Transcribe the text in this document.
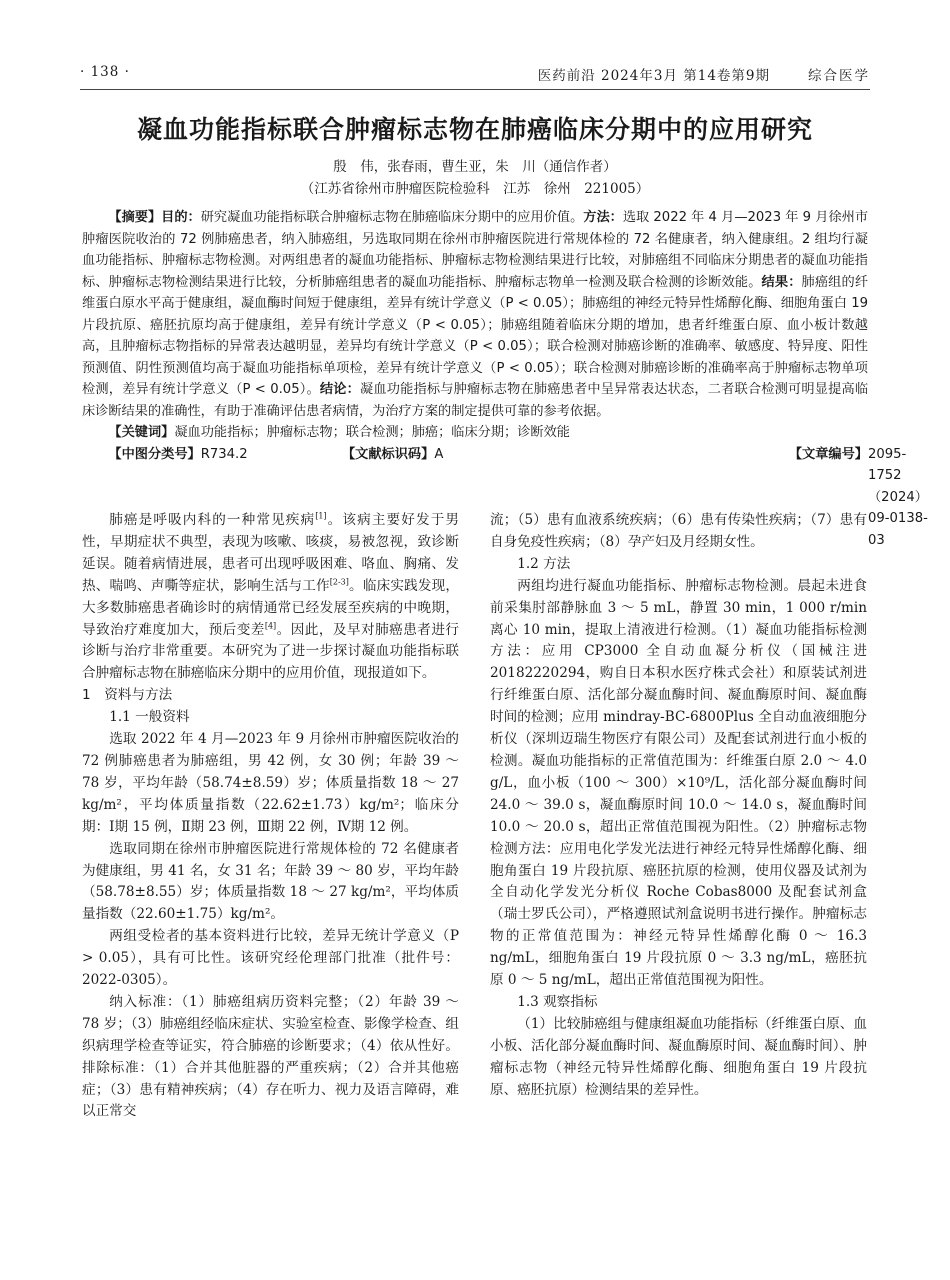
· 138 ·	医药前沿 2024年3月 第14卷第9期	综合医学
凝血功能指标联合肿瘤标志物在肺癌临床分期中的应用研究
殷　伟，张春雨，曹生亚，朱　川（通信作者）
（江苏省徐州市肿瘤医院检验科　江苏　徐州　221005）

【摘要】目的：研究凝血功能指标联合肿瘤标志物在肺癌临床分期中的应用价值。方法：选取 2022 年 4 月—2023 年 9 月徐州市肿瘤医院收治的 72 例肺癌患者，纳入肺癌组，另选取同期在徐州市肿瘤医院进行常规体检的 72 名健康者，纳入健康组。2 组均行凝血功能指标、肿瘤标志物检测。对两组患者的凝血功能指标、肿瘤标志物检测结果进行比较，对肺癌组不同临床分期患者的凝血功能指标、肿瘤标志物检测结果进行比较，分析肺癌组患者的凝血功能指标、肿瘤标志物单一检测及联合检测的诊断效能。结果：肺癌组的纤维蛋白原水平高于健康组，凝血酶时间短于健康组，差异有统计学意义（P < 0.05）；肺癌组的神经元特异性烯醇化酶、细胞角蛋白 19 片段抗原、癌胚抗原均高于健康组，差异有统计学意义（P < 0.05）；肺癌组随着临床分期的增加，患者纤维蛋白原、血小板计数越高，且肿瘤标志物指标的异常表达越明显，差异均有统计学意义（P < 0.05）；联合检测对肺癌诊断的准确率、敏感度、特异度、阳性预测值、阴性预测值均高于凝血功能指标单项检，差异有统计学意义（P < 0.05）；联合检测对肺癌诊断的准确率高于肿瘤标志物单项检测，差异有统计学意义（P < 0.05）。结论：凝血功能指标与肿瘤标志物在肺癌患者中呈异常表达状态，二者联合检测可明显提高临床诊断结果的准确性，有助于准确评估患者病情，为治疗方案的制定提供可靠的参考依据。

【关键词】凝血功能指标；肿瘤标志物；联合检测；肺癌；临床分期；诊断效能

【中图分类号】 R734.2	【文献标识码】 A	【文章编号】 2095-1752（2024）09-0138-03

肺癌是呼吸内科的一种常见疾病[1]。该病主要好发于男性，早期症状不典型，表现为咳嗽、咳痰，易被忽视，致诊断延误。随着病情进展，患者可出现呼吸困难、咯血、胸痛、发热、喘鸣、声嘶等症状，影响生活与工作[2-3]。临床实践发现，大多数肺癌患者确诊时的病情通常已经发展至疾病的中晚期，导致治疗难度加大，预后变差[4]。因此，及早对肺癌患者进行诊断与治疗非常重要。本研究为了进一步探讨凝血功能指标联合肿瘤标志物在肺癌临床分期中的应用价值，现报道如下。

1　资料与方法
1.1 一般资料

选取 2022 年 4 月—2023 年 9 月徐州市肿瘤医院收治的 72 例肺癌患者为肺癌组，男 42 例，女 30 例；年龄 39 ～ 78 岁，平均年龄（58.74±8.59）岁；体质量指数 18 ～ 27 kg/m²，平均体质量指数（22.62±1.73）kg/m²；临床分期：Ⅰ期 15 例，Ⅱ期 23 例，Ⅲ期 22 例，Ⅳ期 12 例。

选取同期在徐州市肿瘤医院进行常规体检的 72 名健康者为健康组，男 41 名，女 31 名；年龄 39 ～ 80 岁，平均年龄（58.78±8.55）岁；体质量指数 18 ～ 27 kg/m²，平均体质量指数（22.60±1.75）kg/m²。

两组受检者的基本资料进行比较，差异无统计学意义（P > 0.05），具有可比性。该研究经伦理部门批准（批件号：2022-0305）。

纳入标准：（1）肺癌组病历资料完整；（2）年龄 39 ～ 78 岁；（3）肺癌组经临床症状、实验室检查、影像学检查、组织病理学检查等证实，符合肺癌的诊断要求；（4）依从性好。排除标准：（1）合并其他脏器的严重疾病；（2）合并其他癌症；（3）患有精神疾病；（4）存在听力、视力及语言障碍，难以正常交

流；（5）患有血液系统疾病；（6）患有传染性疾病；（7）患有自身免疫性疾病；（8）孕产妇及月经期女性。

1.2 方法

两组均进行凝血功能指标、肿瘤标志物检测。晨起未进食前采集肘部静脉血 3 ～ 5 mL，静置 30 min，1 000 r/min 离心 10 min，提取上清液进行检测。（1）凝血功能指标检测方法：应用 CP3000 全自动血凝分析仪（国械注进 20182220294，购自日本积水医疗株式会社）和原装试剂进行纤维蛋白原、活化部分凝血酶时间、凝血酶原时间、凝血酶时间的检测；应用 mindray-BC-6800Plus 全自动血液细胞分析仪（深圳迈瑞生物医疗有限公司）及配套试剂进行血小板的检测。凝血功能指标的正常值范围为：纤维蛋白原 2.0 ～ 4.0 g/L，血小板（100 ～ 300）×10⁹/L，活化部分凝血酶时间 24.0 ～ 39.0 s，凝血酶原时间 10.0 ～ 14.0 s，凝血酶时间 10.0 ～ 20.0 s，超出正常值范围视为阳性。（2）肿瘤标志物检测方法：应用电化学发光法进行神经元特异性烯醇化酶、细胞角蛋白 19 片段抗原、癌胚抗原的检测，使用仪器及试剂为全自动化学发光分析仪 Roche Cobas8000 及配套试剂盒（瑞士罗氏公司），严格遵照试剂盒说明书进行操作。肿瘤标志物的正常值范围为：神经元特异性烯醇化酶 0 ～ 16.3 ng/mL，细胞角蛋白 19 片段抗原 0 ～ 3.3 ng/mL，癌胚抗原 0 ～ 5 ng/mL，超出正常值范围视为阳性。

1.3 观察指标

（1）比较肺癌组与健康组凝血功能指标（纤维蛋白原、血小板、活化部分凝血酶时间、凝血酶原时间、凝血酶时间）、肿瘤标志物（神经元特异性烯醇化酶、细胞角蛋白 19 片段抗原、癌胚抗原）检测结果的差异性。
